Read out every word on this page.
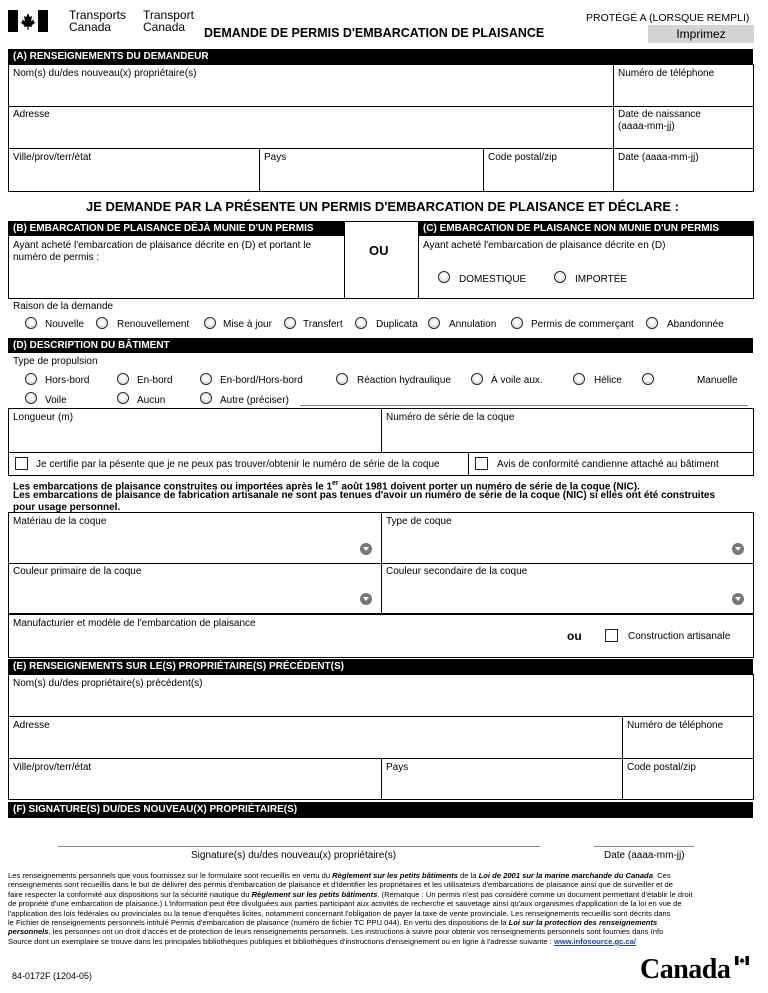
Transports
Canada
Transport
Canada DEMANDE DE PERMIS D'EMBARCATION DE PLAISANCE
PROTÉGÉ A (LORSQUE REMPLI)
Imprimez
(A) RENSEIGNEMENTS DU DEMANDEUR
Nom(s) du/des nouveau(x) propriétaire(s)	Numéro de téléphone
Adresse	Date de naissance
(aaaa-mm-jj)
Ville/prov/terr/état	Pays	Code postal/zip	Date (aaaa-mm-jj)
JE DEMANDE PAR LA PRÉSENTE UN PERMIS D'EMBARCATION DE PLAISANCE ET DÉCLARE :
(B) EMBARCATION DE PLAISANCE DÉJÀ MUNIE D'UN PERMIS	(C) EMBARCATION DE PLAISANCE NON MUNIE D'UN PERMIS
Ayant acheté l'embarcation de plaisance décrite en (D) et portant le
numéro de permis :	OU	Ayant acheté l'embarcation de plaisance décrite en (D)
DOMESTIQUE	IMPORTÉE
Raison de la demande
Nouvelle	Renouvellement	Mise à jour	Transfert	Duplicata	Annulation	Permis de commerçant	Abandonnée
(D) DESCRIPTION DU BÂTIMENT
Type de propulsion
Hors-bord	En-bord	En-bord/Hors-bord	Réaction hydraulique	À voile aux.	Hélice	Manuelle
Voile	Aucun	Autre (préciser)
Longueur (m)	Numéro de série de la coque
Je certifie par la pésente que je ne peux pas trouver/obtenir le numéro de série de la coque	Avis de conformité candienne attaché au bâtiment
Les embarcations de plaisance construites ou importées après le 1er août 1981 doivent porter un numéro de série de la coque (NIC).
Les embarcations de plaisance de fabrication artisanale ne sont pas tenues d'avoir un numéro de série de la coque (NIC) si elles ont été construites
pour usage personnel.
Matériau de la coque	Type de coque
Couleur primaire de la coque	Couleur secondaire de la coque
Manufacturier et modèle de l'embarcation de plaisance
ou	Construction artisanale
(E) RENSEIGNEMENTS SUR LE(S) PROPRIÉTAIRE(S) PRÉCÉDENT(S)
Nom(s) du/des propriétaire(s) précédent(s)
Adresse	Numéro de téléphone
Ville/prov/terr/état	Pays	Code postal/zip
(F) SIGNATURE(S) DU/DES NOUVEAU(X) PROPRIÉTAIRE(S)
Signature(s) du/des nouveau(x) propriétaire(s)	Date (aaaa-mm-jj)
Les renseignements personnels que vous fournissez sur le formulaire sont recueillis en vertu du Règlement sur les petits bâtiments de la Loi de 2001 sur la marine marchande du Canada. Ces
renseignements sont recueillis dans le but de délivrer des permis d'embarcation de plaisance et d'identifier les propriétaires et les utilisateurs d'embarcations de plaisance ainsi que de surveiller et de
faire respecter la conformité aux dispositions sur la sécurité nautique du Règlement sur les petits bâtiments. (Remarque : Un permis n'est pas considéré comme un document permettant d'établir le droit
de propriété d'une embarcation de plaisance.) L'information peut être divulguées aux parties participant aux activités de recherche et sauvetage ainsi qu'aux organismes d'application de la loi en vue de
l'application des lois fédérales ou provinciales ou la tenue d'enquêtes licites, notamment concernant l'obligation de payer la taxe de vente provinciale. Les renseignements recueillis sont décrits dans
le Fichier de renseignements personnels intitulé Permis d'embarcation de plaisance (numéro de fichier TC PPU 044). En vertu des dispositions de la Loi sur la protection des renseignements
personnels, les personnes ont un droit d'accès et de protection de leurs renseignements personnels. Les instructions à suivre pour obtenir vos renseignements personnels sont fournies dans Info
Source dont un exemplaire se trouve dans les principales bibliothèques publiques et bibliothèques d'instructions d'enseignement ou en ligne à l'adresse suivante : www.infosource.gc.ca/
84-0172F (1204-05)	Canada
